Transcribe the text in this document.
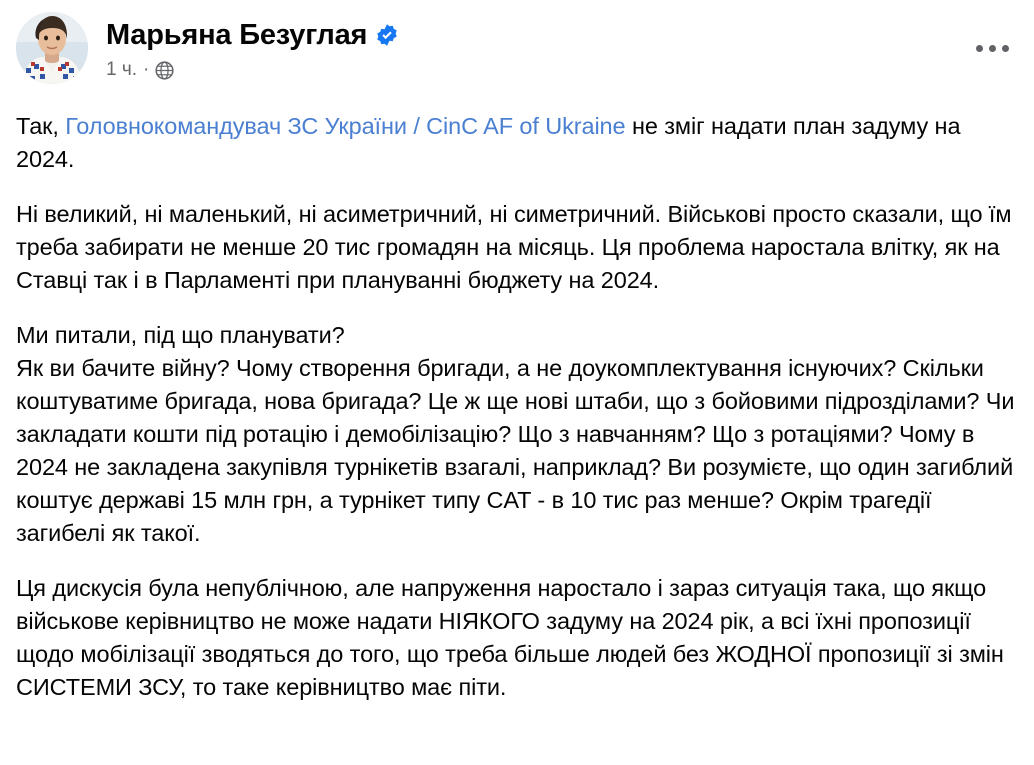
Марьяна Безуглая
1 ч. ·

Так, Головнокомандувач ЗС України / CinC AF of Ukraine не зміг надати план задуму на 2024.

Ні великий, ні маленький, ні асиметричний, ні симетричний. Військові просто сказали, що їм треба забирати не менше 20 тис громадян на місяць. Ця проблема наростала влітку, як на Ставці так і в Парламенті при плануванні бюджету на 2024.

Ми питали, під що планувати?

Як ви бачите війну? Чому створення бригади, а не доукомплектування існуючих? Скільки коштуватиме бригада, нова бригада? Це ж ще нові штаби, що з бойовими підрозділами? Чи закладати кошти під ротацію і демобілізацію? Що з навчанням? Що з ротаціями? Чому в 2024 не закладена закупівля турнікетів взагалі, наприклад? Ви розумієте, що один загиблий коштує державі 15 млн грн, а турнікет типу CAT - в 10 тис раз менше? Окрім трагедії загибелі як такої.

Ця дискусія була непублічною, але напруження наростало і зараз ситуація така, що якщо військове керівництво не може надати НІЯКОГО задуму на 2024 рік, а всі їхні пропозиції щодо мобілізації зводяться до того, що треба більше людей без ЖОДНОЇ пропозиції зі змін СИСТЕМИ ЗСУ, то таке керівництво має піти.
